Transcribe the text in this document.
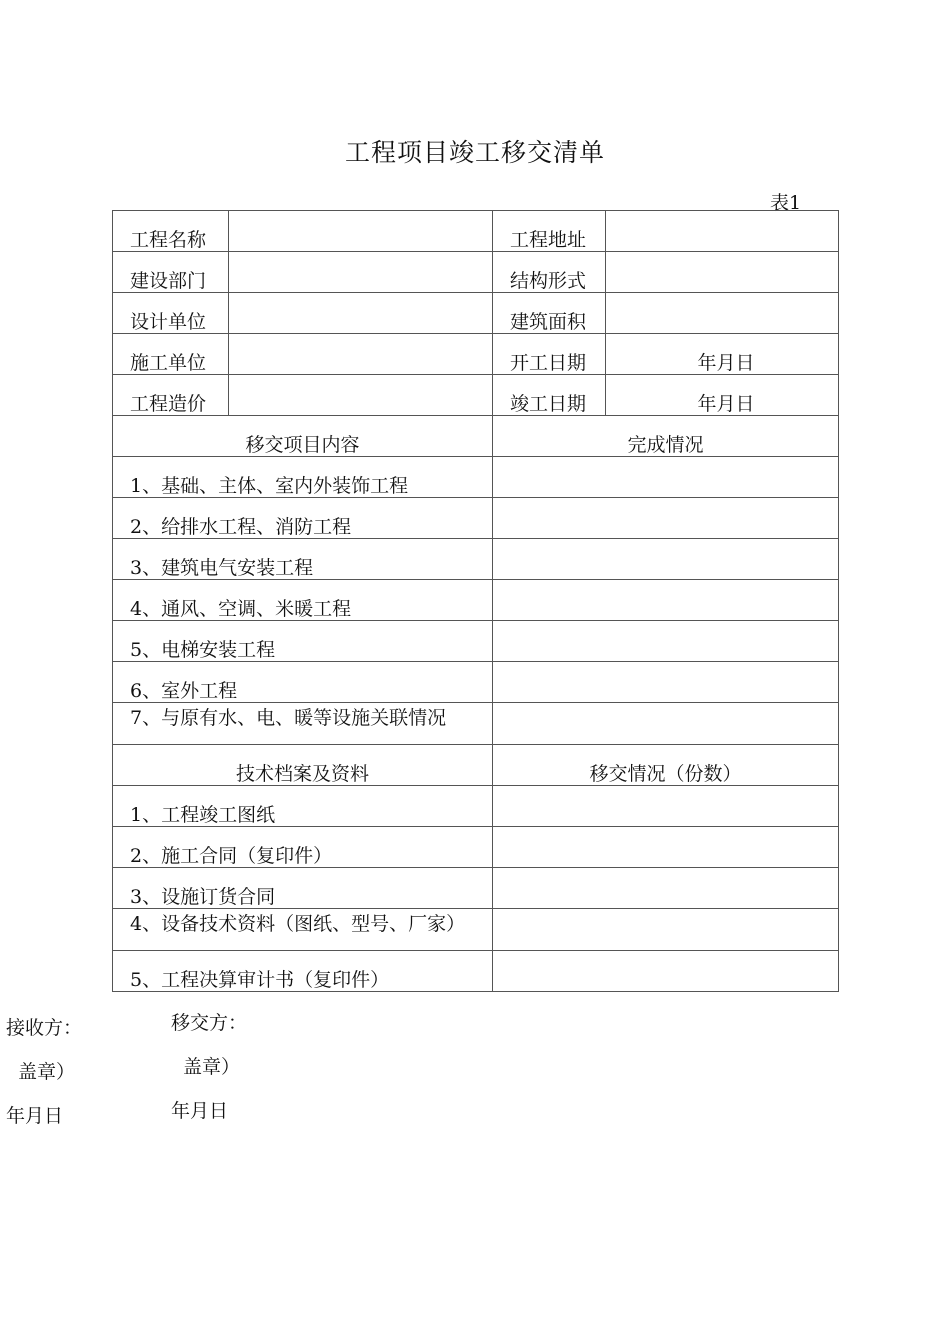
工程项目竣工移交清单
表1
工程名称		工程地址	

建设部门		结构形式	

设计单位		建筑面积	

施工单位		开工日期	年月日

工程造价		竣工日期	年月日

移交项目内容		完成情况	

1、基础、主体、室内外装饰工程			

2、给排水工程、消防工程			

3、建筑电气安装工程			

4、通风、空调、米暖工程			

5、电梯安装工程			

6、室外工程			

7、与原有水、电、暖等设施关联情况			

技术档案及资料		移交情况（份数）	

1、工程竣工图纸			

2、施工合同（复印件）			

3、设施订货合同			

4、设备技术资料（图纸、型号、厂家）			

5、工程决算审计书（复印件）			

接收方：
盖章）
年月日
移交方：
盖章）
年月日
